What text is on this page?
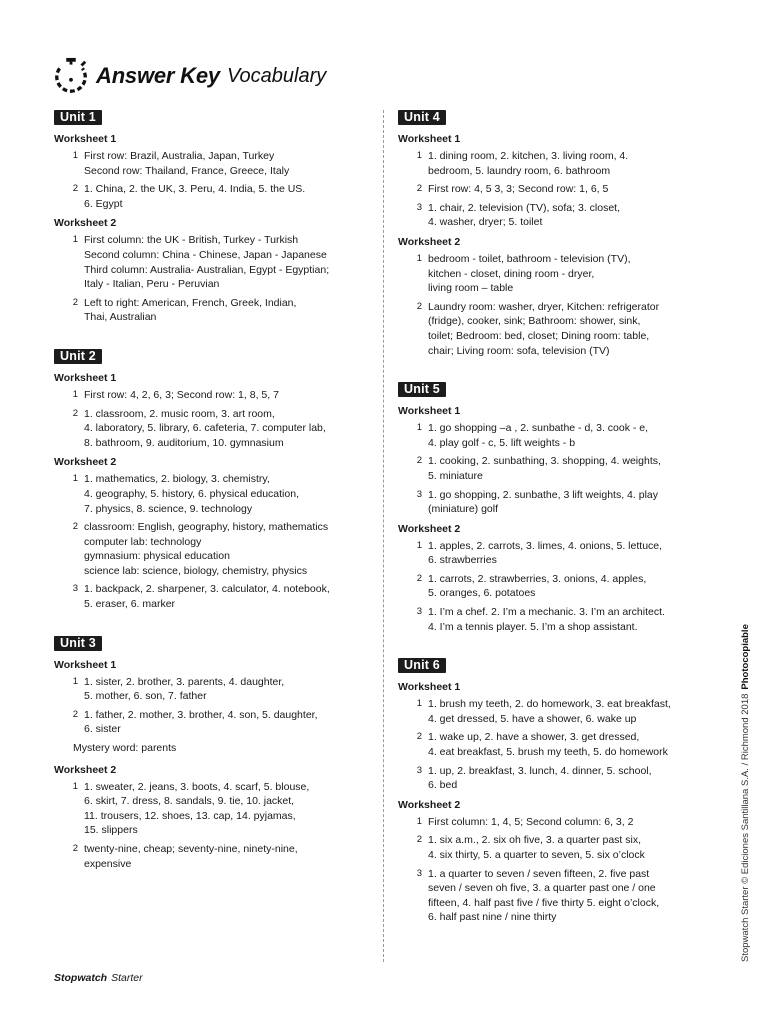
Answer Key Vocabulary
Unit 1
Worksheet 1
1 First row: Brazil, Australia, Japan, Turkey
Second row: Thailand, France, Greece, Italy
2 1. China, 2. the UK, 3. Peru, 4. India, 5. the US.
6. Egypt
Worksheet 2
1 First column: the UK - British, Turkey - Turkish
Second column: China - Chinese, Japan - Japanese
Third column: Australia- Australian, Egypt - Egyptian;
Italy - Italian, Peru - Peruvian
2 Left to right: American, French, Greek, Indian,
Thai, Australian
Unit 2
Worksheet 1
1 First row: 4, 2, 6, 3; Second row: 1, 8, 5, 7
2 1. classroom, 2. music room, 3. art room,
4. laboratory, 5. library, 6. cafeteria, 7. computer lab,
8. bathroom, 9. auditorium, 10. gymnasium
Worksheet 2
1 1. mathematics, 2. biology, 3. chemistry,
4. geography, 5. history, 6. physical education,
7. physics, 8. science, 9. technology
2 classroom: English, geography, history, mathematics
computer lab: technology
gymnasium: physical education
science lab: science, biology, chemistry, physics
3 1. backpack, 2. sharpener, 3. calculator, 4. notebook,
5. eraser, 6. marker
Unit 3
Worksheet 1
1 1. sister, 2. brother, 3. parents, 4. daughter,
5. mother, 6. son, 7. father
2 1. father, 2. mother, 3. brother, 4. son, 5. daughter,
6. sister
Mystery word: parents
Worksheet 2
1 1. sweater, 2. jeans, 3. boots, 4. scarf, 5. blouse,
6. skirt, 7. dress, 8. sandals, 9. tie, 10. jacket,
11. trousers, 12. shoes, 13. cap, 14. pyjamas,
15. slippers
2 twenty-nine, cheap; seventy-nine, ninety-nine,
expensive
Unit 4
Worksheet 1
1 1. dining room, 2. kitchen, 3. living room, 4.
bedroom, 5. laundry room, 6. bathroom
2 First row: 4, 5 3, 3; Second row: 1, 6, 5
3 1. chair, 2. television (TV), sofa; 3. closet,
4. washer, dryer; 5. toilet
Worksheet 2
1 bedroom - toilet, bathroom - television (TV),
kitchen - closet, dining room - dryer,
living room – table
2 Laundry room: washer, dryer, Kitchen: refrigerator
(fridge), cooker, sink; Bathroom: shower, sink,
toilet; Bedroom: bed, closet; Dining room: table,
chair; Living room: sofa, television (TV)
Unit 5
Worksheet 1
1 1. go shopping –a , 2. sunbathe - d, 3. cook - e,
4. play golf - c, 5. lift weights - b
2 1. cooking, 2. sunbathing, 3. shopping, 4. weights,
5. miniature
3 1. go shopping, 2. sunbathe, 3 lift weights, 4. play
(miniature) golf
Worksheet 2
1 1. apples, 2. carrots, 3. limes, 4. onions, 5. lettuce,
6. strawberries
2 1. carrots, 2. strawberries, 3. onions, 4. apples,
5. oranges, 6. potatoes
3 1. I’m a chef. 2. I’m a mechanic. 3. I’m an architect.
4. I’m a tennis player. 5. I’m a shop assistant.
Unit 6
Worksheet 1
1 1. brush my teeth, 2. do homework, 3. eat breakfast,
4. get dressed, 5. have a shower, 6. wake up
2 1. wake up, 2. have a shower, 3. get dressed,
4. eat breakfast, 5. brush my teeth, 5. do homework
3 1. up, 2. breakfast, 3. lunch, 4. dinner, 5. school,
6. bed
Worksheet 2
1 First column: 1, 4, 5; Second column: 6, 3, 2
2 1. six a.m., 2. six oh five, 3. a quarter past six,
4. six thirty, 5. a quarter to seven, 5. six o’clock
3 1. a quarter to seven / seven fifteen, 2. five past
seven / seven oh five, 3. a quarter past one / one
fifteen, 4. half past five / five thirty 5. eight o’clock,
6. half past nine / nine thirty	Stopwatch Starter © Ediciones Santillana S.A. / Richmond 2018Photocopiable
Stopwatch Starter
